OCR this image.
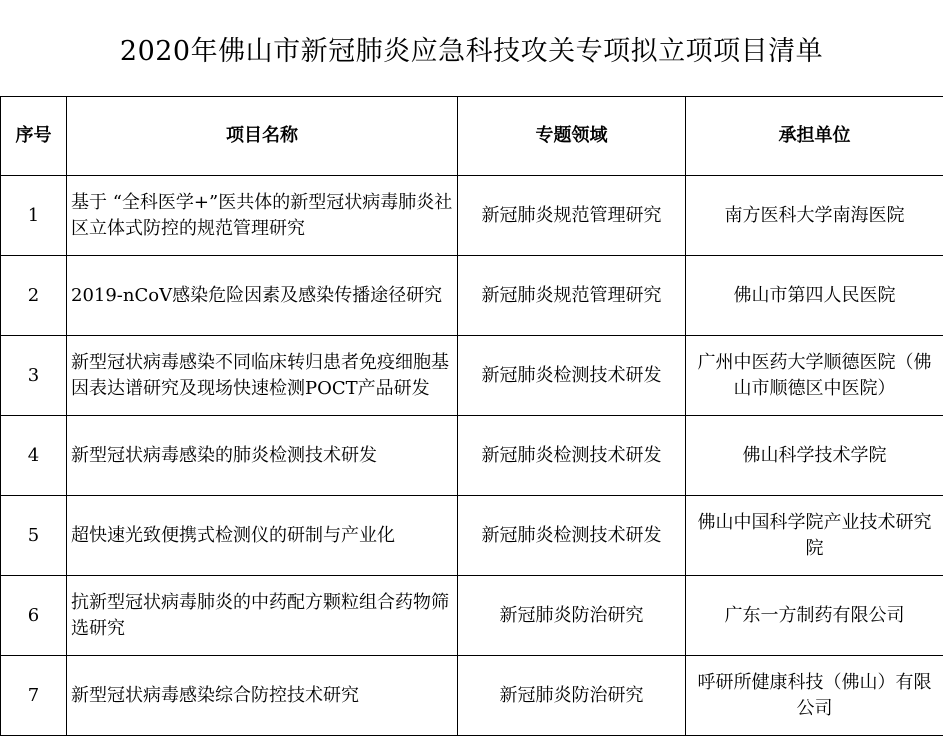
2020年佛山市新冠肺炎应急科技攻关专项拟立项项目清单
序号	项目名称	专题领域	承担单位
1	基于 “全科医学+”医共体的新型冠状病毒肺炎社区立体式防控的规范管理研究	新冠肺炎规范管理研究	南方医科大学南海医院
2	2019-nCoV感染危险因素及感染传播途径研究	新冠肺炎规范管理研究	佛山市第四人民医院
3	新型冠状病毒感染不同临床转归患者免疫细胞基因表达谱研究及现场快速检测POCT产品研发	新冠肺炎检测技术研发	广州中医药大学顺德医院（佛山市顺德区中医院）
4	新型冠状病毒感染的肺炎检测技术研发	新冠肺炎检测技术研发	佛山科学技术学院
5	超快速光致便携式检测仪的研制与产业化	新冠肺炎检测技术研发	佛山中国科学院产业技术研究院
6	抗新型冠状病毒肺炎的中药配方颗粒组合药物筛选研究	新冠肺炎防治研究	广东一方制药有限公司
7	新型冠状病毒感染综合防控技术研究	新冠肺炎防治研究	呼研所健康科技（佛山）有限公司
